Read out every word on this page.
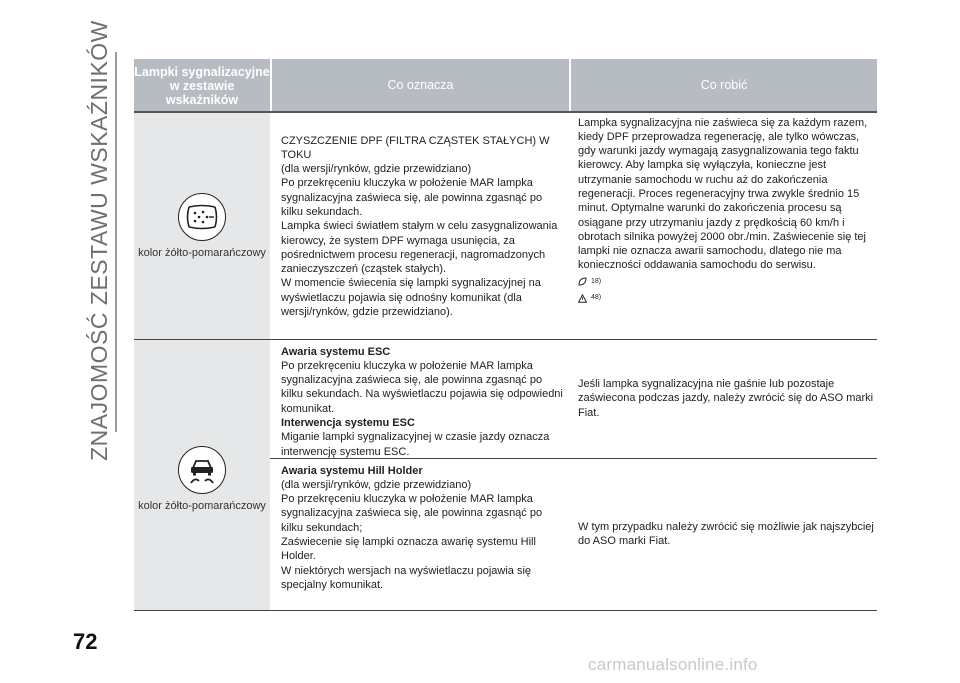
ZNAJOMOŚĆ ZESTAWU WSKAŹNIKÓW Lampki sygnalizacyjne w zestawie wskaźników
Co oznacza	Co robić
kolor żółto-pomarańczowy

CZYSZCZENIE DPF (FILTRA CZĄSTEK STAŁYCH) W TOKU

(dla wersji/rynków, gdzie przewidziano)

Po przekręceniu kluczyka w położenie MAR lampka sygnalizacyjna zaświeca się, ale powinna zgasnąć po kilku sekundach.

Lampka świeci światłem stałym w celu zasygnalizowania kierowcy, że system DPF wymaga usunięcia, za pośrednictwem procesu regeneracji, nagromadzonych zanieczyszczeń (cząstek stałych).

W momencie świecenia się lampki sygnalizacyjnej na wyświetlaczu pojawia się odnośny komunikat (dla wersji/rynków, gdzie przewidziano).

Lampka sygnalizacyjna nie zaświeca się za każdym razem, kiedy DPF przeprowadza regenerację, ale tylko wówczas, gdy warunki jazdy wymagają zasygnalizowania tego faktu kierowcy. Aby lampka się wyłączyła, konieczne jest utrzymanie samochodu w ruchu aż do zakończenia regeneracji. Proces regeneracyjny trwa zwykle średnio 15 minut. Optymalne warunki do zakończenia procesu są osiągane przy utrzymaniu jazdy z prędkością 60 km/h i obrotach silnika powyżej 2000 obr./min. Zaświecenie się tej lampki nie oznacza awarii samochodu, dlatego nie ma konieczności oddawania samochodu do serwisu.

18)
48)
kolor żółto-pomarańczowy

Awaria systemu ESC

Po przekręceniu kluczyka w położenie MAR lampka sygnalizacyjna zaświeca się, ale powinna zgasnąć po kilku sekundach. Na wyświetlaczu pojawia się odpowiedni komunikat.

Interwencja systemu ESC

Miganie lampki sygnalizacyjnej w czasie jazdy oznacza interwencję systemu ESC.

Jeśli lampka sygnalizacyjna nie gaśnie lub pozostaje zaświecona podczas jazdy, należy zwrócić się do ASO marki Fiat.

Awaria systemu Hill Holder

(dla wersji/rynków, gdzie przewidziano)

Po przekręceniu kluczyka w położenie MAR lampka sygnalizacyjna zaświeca się, ale powinna zgasnąć po kilku sekundach;

Zaświecenie się lampki oznacza awarię systemu Hill Holder.

W niektórych wersjach na wyświetlaczu pojawia się specjalny komunikat.

W tym przypadku należy zwrócić się możliwie jak najszybciej do ASO marki Fiat.

72
carmanualsonline.info
